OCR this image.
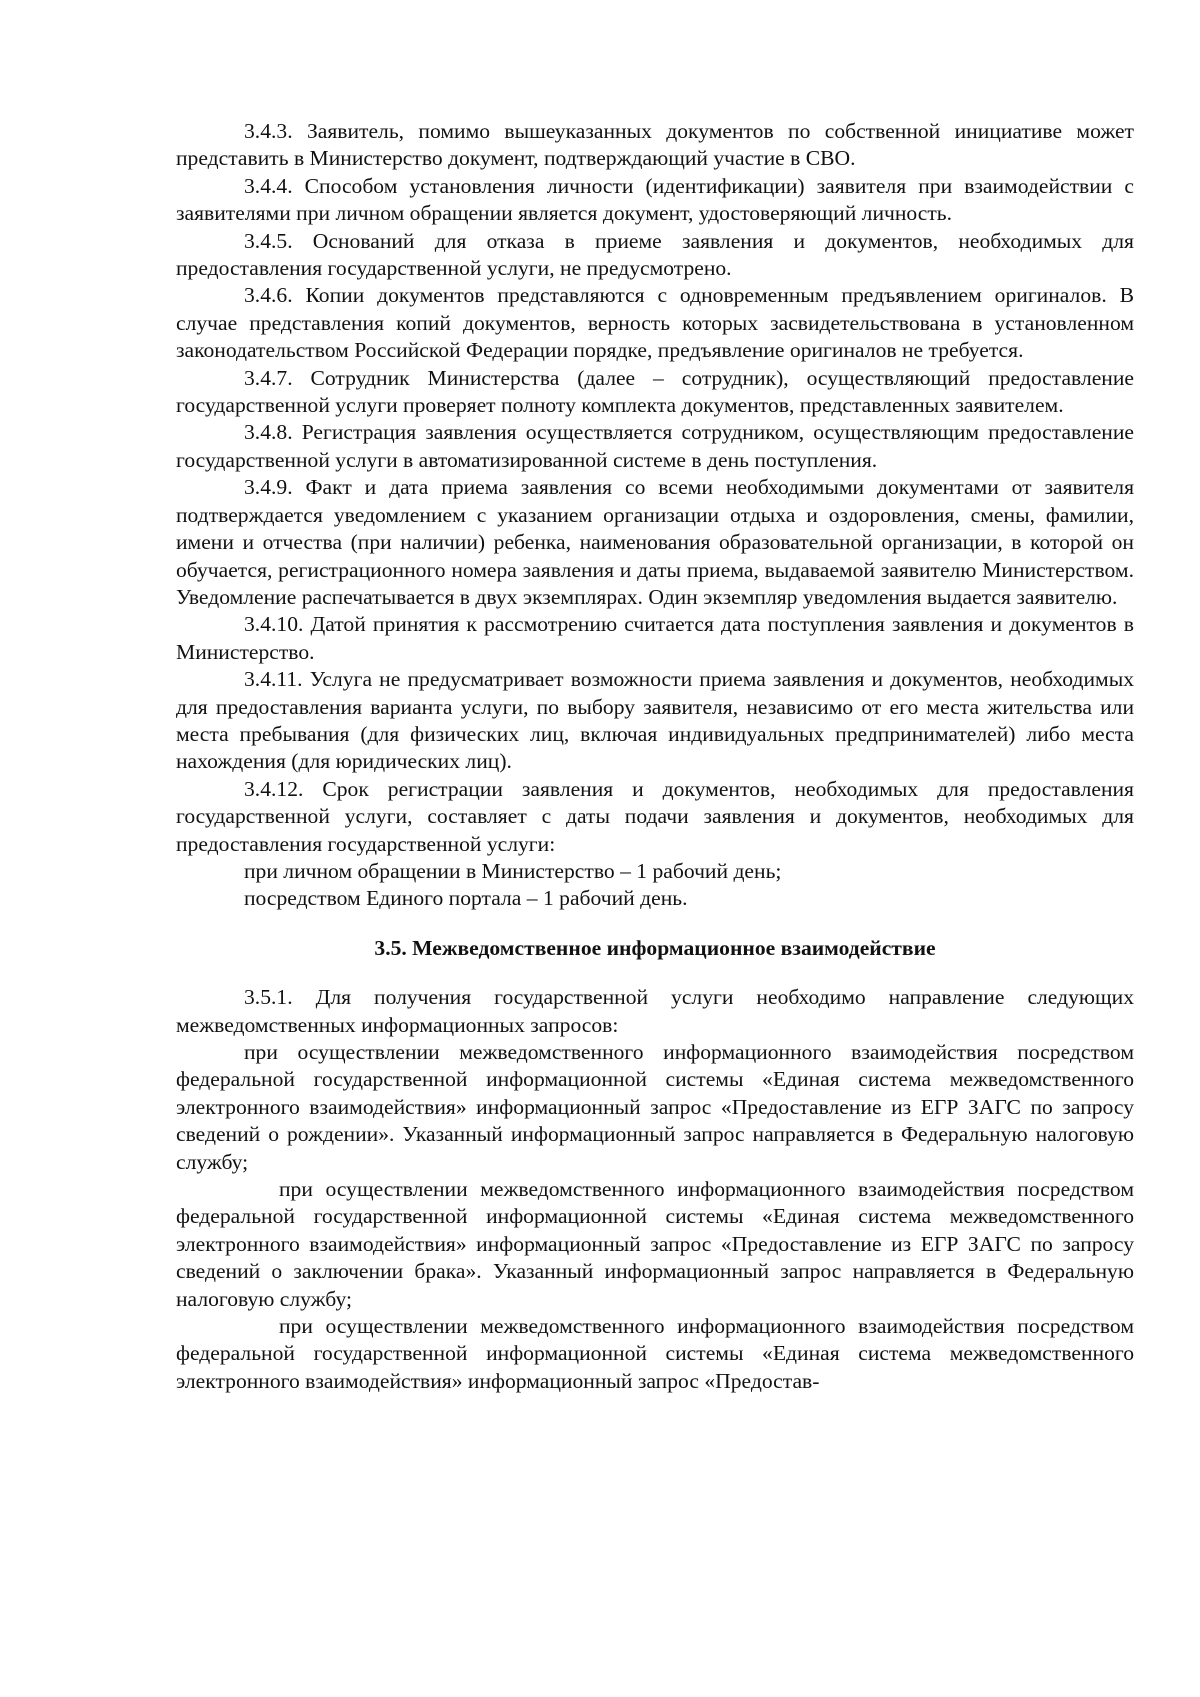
3.4.3. Заявитель, помимо вышеуказанных документов по собственной инициативе может представить в Министерство документ, подтверждающий участие в СВО.

3.4.4. Способом установления личности (идентификации) заявителя при взаимодействии с заявителями при личном обращении является документ, удостоверяющий личность.

3.4.5. Оснований для отказа в приеме заявления и документов, необходимых для предоставления государственной услуги, не предусмотрено.

3.4.6. Копии документов представляются с одновременным предъявлением оригиналов. В случае представления копий документов, верность которых засвидетельствована в установленном законодательством Российской Федерации порядке, предъявление оригиналов не требуется.

3.4.7. Сотрудник Министерства (далее – сотрудник), осуществляющий предоставление государственной услуги проверяет полноту комплекта документов, представленных заявителем.

3.4.8. Регистрация заявления осуществляется сотрудником, осуществляющим предоставление государственной услуги в автоматизированной системе в день поступления.

3.4.9. Факт и дата приема заявления со всеми необходимыми документами от заявителя подтверждается уведомлением с указанием организации отдыха и оздоровления, смены, фамилии, имени и отчества (при наличии) ребенка, наименования образовательной организации, в которой он обучается, регистрационного номера заявления и даты приема, выдаваемой заявителю Министерством. Уведомление распечатывается в двух экземплярах. Один экземпляр уведомления выдается заявителю.

3.4.10. Датой принятия к рассмотрению считается дата поступления заявления и документов в Министерство.

3.4.11. Услуга не предусматривает возможности приема заявления и документов, необходимых для предоставления варианта услуги, по выбору заявителя, независимо от его места жительства или места пребывания (для физических лиц, включая индивидуальных предпринимателей) либо места нахождения (для юридических лиц).

3.4.12. Срок регистрации заявления и документов, необходимых для предоставления государственной услуги, составляет с даты подачи заявления и документов, необходимых для предоставления государственной услуги:

при личном обращении в Министерство – 1 рабочий день;

посредством Единого портала – 1 рабочий день.

3.5. Межведомственное информационное взаимодействие

3.5.1. Для получения государственной услуги необходимо направление следующих межведомственных информационных запросов:

при осуществлении межведомственного информационного взаимодействия посредством федеральной государственной информационной системы «Единая система межведомственного электронного взаимодействия» информационный запрос «Предоставление из ЕГР ЗАГС по запросу сведений о рождении». Указанный информационный запрос направляется в Федеральную налоговую службу;

при осуществлении межведомственного информационного взаимодействия посредством федеральной государственной информационной системы «Единая система межведомственного электронного взаимодействия» информационный запрос «Предоставление из ЕГР ЗАГС по запросу сведений о заключении брака». Указанный информационный запрос направляется в Федеральную налоговую службу;

при осуществлении межведомственного информационного взаимодействия посредством федеральной государственной информационной системы «Единая система межведомственного электронного взаимодействия» информационный запрос «Предостав-
